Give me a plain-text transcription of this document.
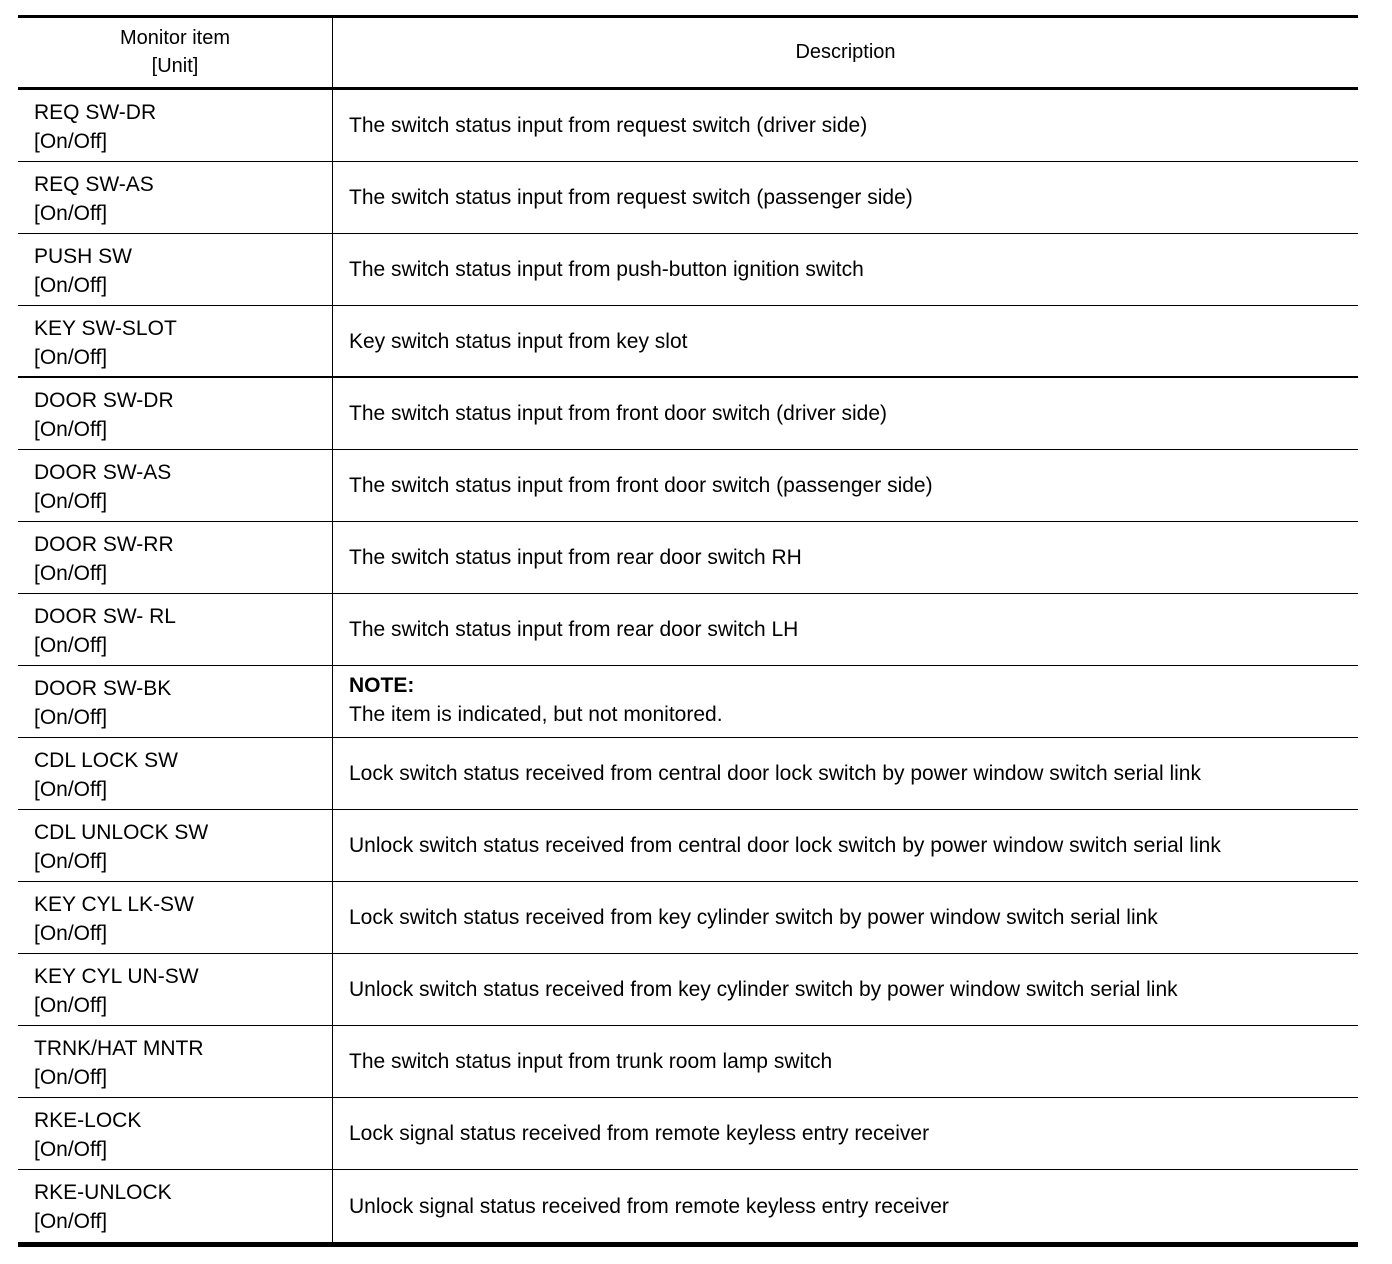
Monitor item
[Unit]
Description
REQ SW-DR
[On/Off]
The switch status input from request switch (driver side)
REQ SW-AS
[On/Off]
The switch status input from request switch (passenger side)
PUSH SW
[On/Off]
The switch status input from push-button ignition switch
KEY SW-SLOT
[On/Off]
Key switch status input from key slot
DOOR SW-DR
[On/Off]
The switch status input from front door switch (driver side)
DOOR SW-AS
[On/Off]
The switch status input from front door switch (passenger side)
DOOR SW-RR
[On/Off]
The switch status input from rear door switch RH
DOOR SW- RL
[On/Off]
The switch status input from rear door switch LH
DOOR SW-BK
[On/Off]
NOTE:
The item is indicated, but not monitored.
CDL LOCK SW
[On/Off]
Lock switch status received from central door lock switch by power window switch serial link
CDL UNLOCK SW
[On/Off]
Unlock switch status received from central door lock switch by power window switch serial link
KEY CYL LK-SW
[On/Off]
Lock switch status received from key cylinder switch by power window switch serial link
KEY CYL UN-SW
[On/Off]
Unlock switch status received from key cylinder switch by power window switch serial link
TRNK/HAT MNTR
[On/Off]
The switch status input from trunk room lamp switch
RKE-LOCK
[On/Off]
Lock signal status received from remote keyless entry receiver
RKE-UNLOCK
[On/Off]
Unlock signal status received from remote keyless entry receiver
